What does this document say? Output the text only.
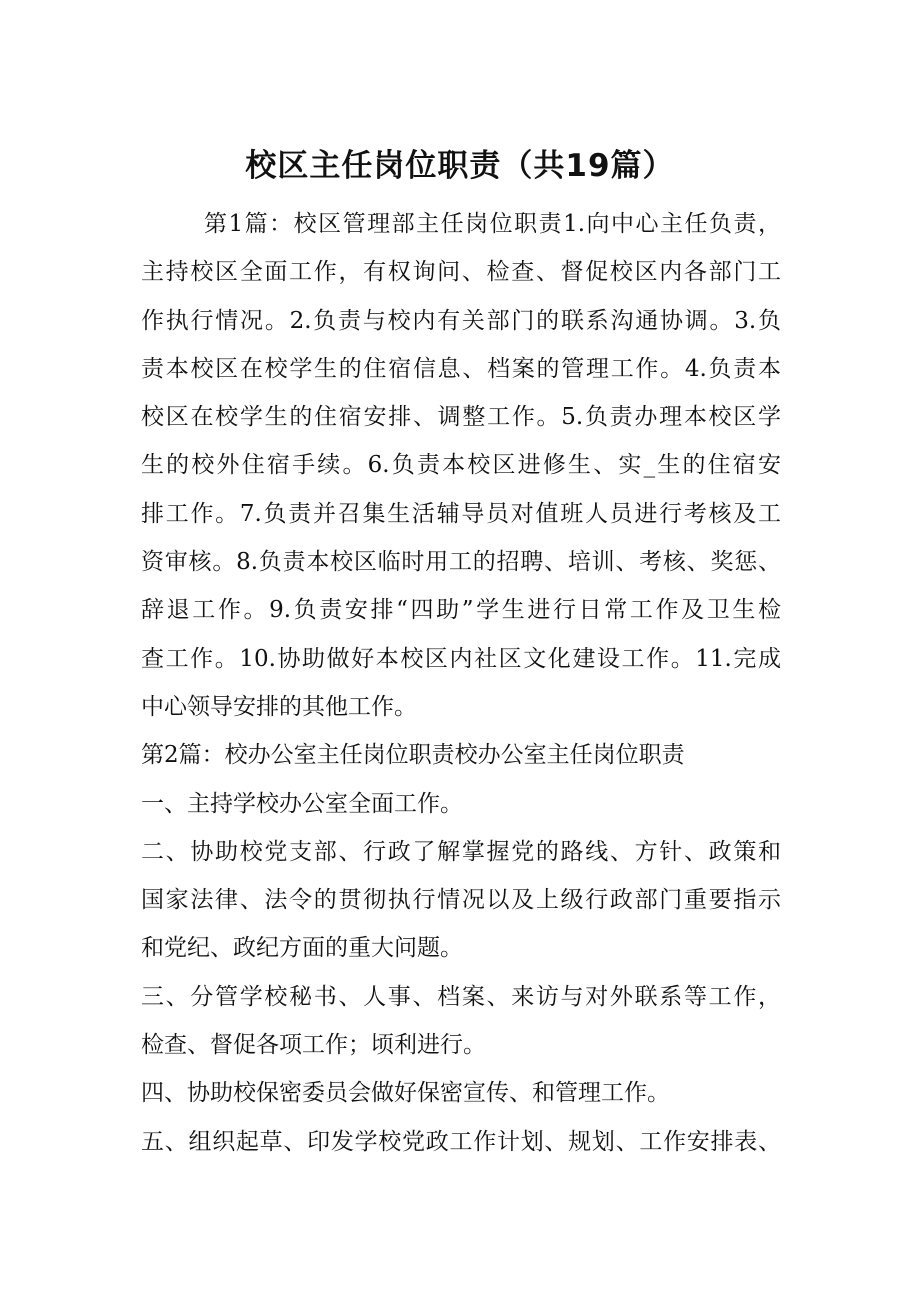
校区主任岗位职责（共19篇）
第1篇：校区管理部主任岗位职责1.向中心主任负责，
主持校区全面工作，有权询问、检查、督促校区内各部门工
作执行情况。2.负责与校内有关部门的联系沟通协调。3.负
责本校区在校学生的住宿信息、档案的管理工作。4.负责本
校区在校学生的住宿安排、调整工作。5.负责办理本校区学
生的校外住宿手续。6.负责本校区进修生、实_生的住宿安
排工作。7.负责并召集生活辅导员对值班人员进行考核及工
资审核。8.负责本校区临时用工的招聘、培训、考核、奖惩、
辞退工作。9.负责安排“四助”学生进行日常工作及卫生检
查工作。10.协助做好本校区内社区文化建设工作。11.完成
中心领导安排的其他工作。
第2篇：校办公室主任岗位职责校办公室主任岗位职责
一、主持学校办公室全面工作。
二、协助校党支部、行政了解掌握党的路线、方针、政策和
国家法律、法令的贯彻执行情况以及上级行政部门重要指示
和党纪、政纪方面的重大问题。
三、分管学校秘书、人事、档案、来访与对外联系等工作，
检查、督促各项工作；顷利进行。
四、协助校保密委员会做好保密宣传、和管理工作。
五、组织起草、印发学校党政工作计划、规划、工作安排表、
